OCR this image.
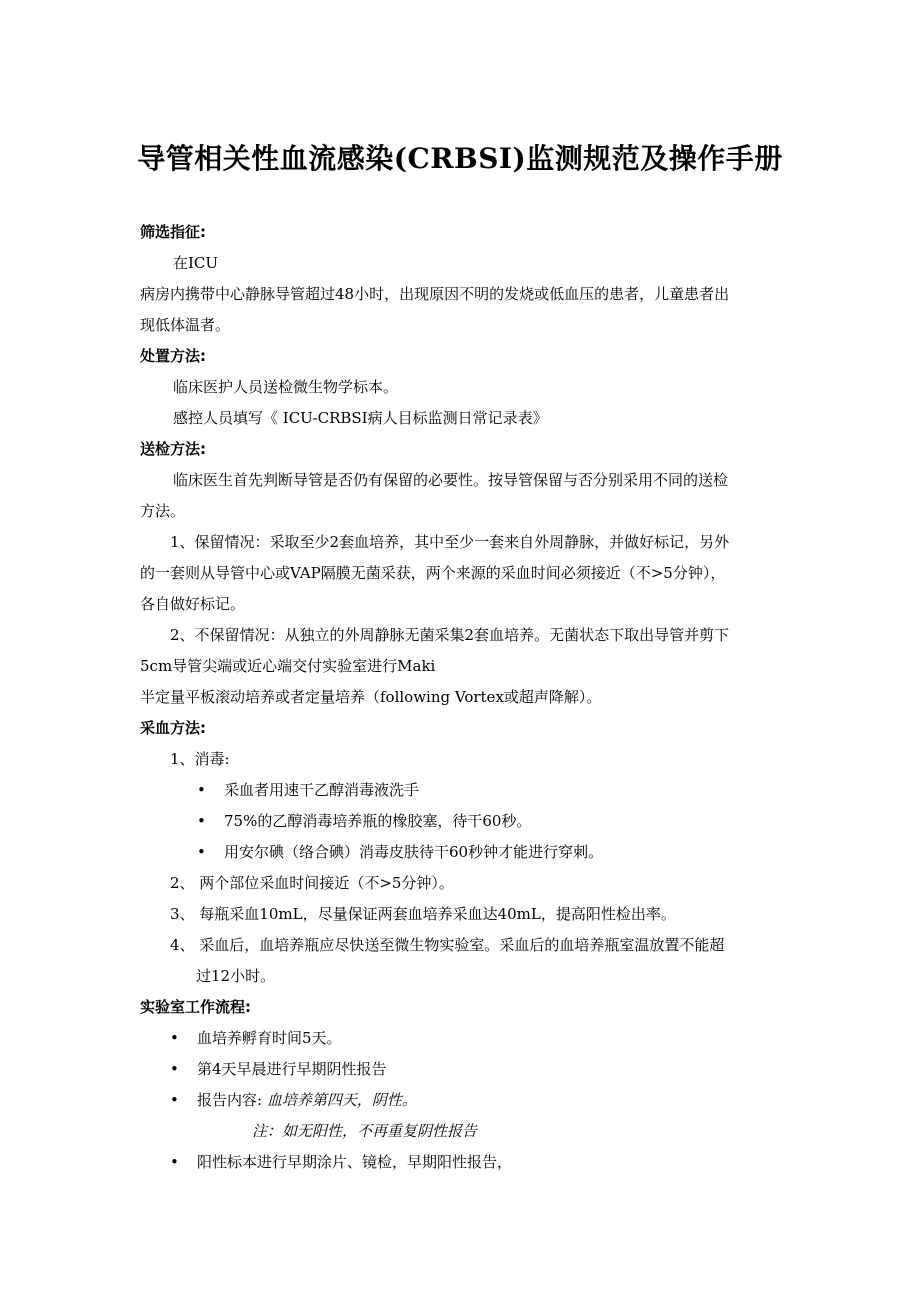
导管相关性血流感染(CRBSI)监测规范及操作手册
筛选指征:
在ICU
病房内携带中心静脉导管超过48小时，出现原因不明的发烧或低血压的患者，儿童患者出
现低体温者。
处置方法:
临床医护人员送检微生物学标本。
感控人员填写《 ICU-CRBSI病人目标监测日常记录表》
送检方法:
临床医生首先判断导管是否仍有保留的必要性。按导管保留与否分别采用不同的送检
方法。
1、保留情况：采取至少2套血培养，其中至少一套来自外周静脉，并做好标记，另外
的一套则从导管中心或VAP隔膜无菌采获，两个来源的采血时间必须接近（不>5分钟），
各自做好标记。
2、不保留情况：从独立的外周静脉无菌采集2套血培养。无菌状态下取出导管并剪下
5cm导管尖端或近心端交付实验室进行Maki
半定量平板滚动培养或者定量培养（following Vortex或超声降解）。
采血方法:
1、消毒:
• 采血者用速干乙醇消毒液洗手
• 75%的乙醇消毒培养瓶的橡胶塞，待干60秒。
• 用安尔碘（络合碘）消毒皮肤待干60秒钟才能进行穿刺。
2、 两个部位采血时间接近（不>5分钟）。
3、 每瓶采血10mL，尽量保证两套血培养采血达40mL，提高阳性检出率。
4、 采血后，血培养瓶应尽快送至微生物实验室。采血后的血培养瓶室温放置不能超
过12小时。
实验室工作流程:
• 血培养孵育时间5天。
• 第4天早晨进行早期阴性报告
• 报告内容: 血培养第四天，阴性。
注：如无阳性，不再重复阴性报告
• 阳性标本进行早期涂片、镜检，早期阳性报告，
